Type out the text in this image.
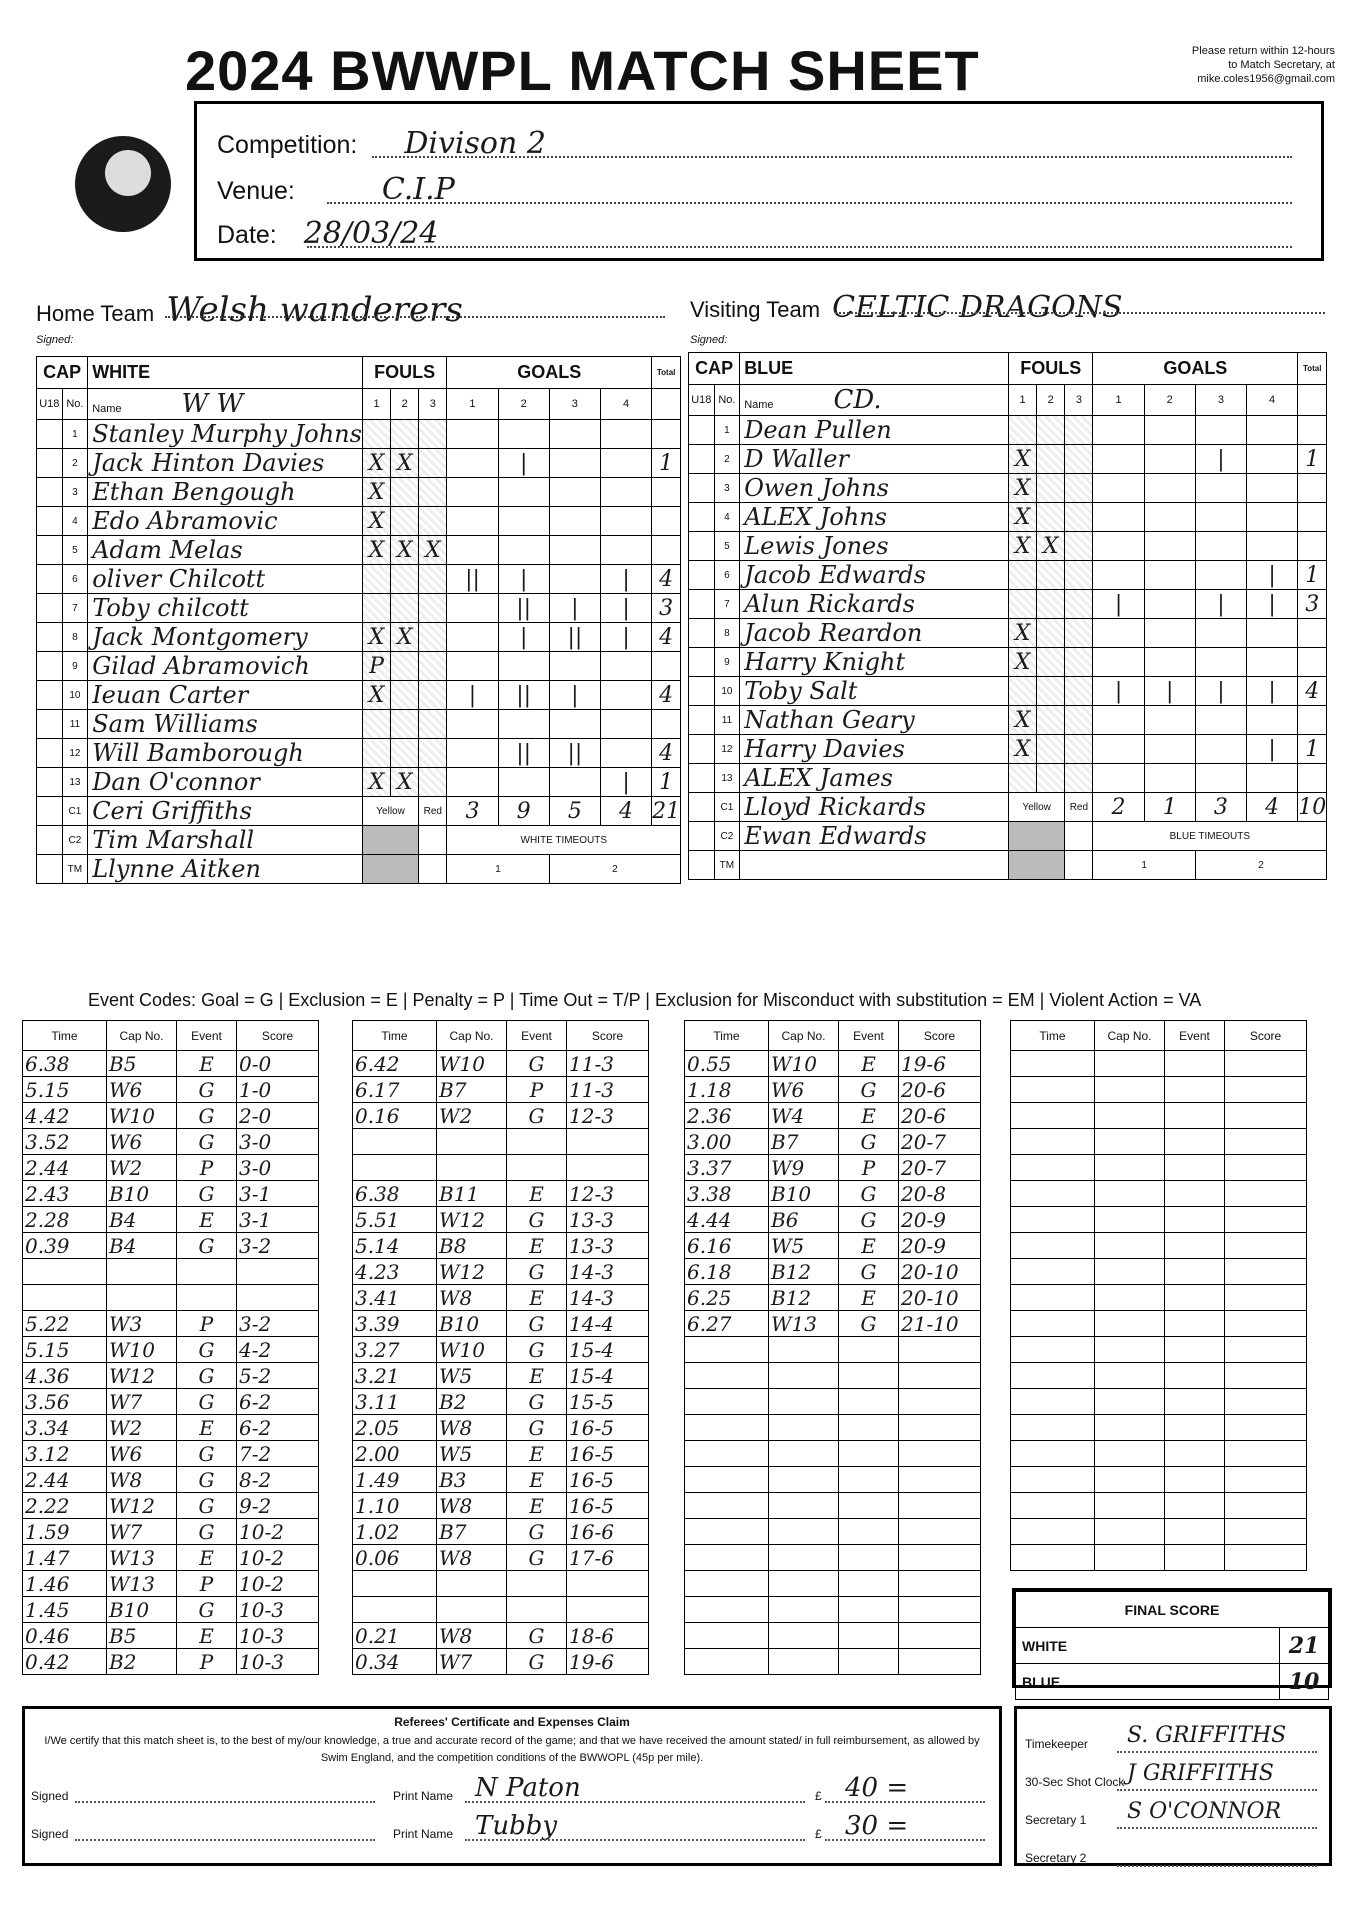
2024 BWWPL MATCH SHEET	Please return within 12-hours
to Match Secretary, at
mike.coles1956@gmail.com
Competition: Divison 2
Venue:	C.I.P
Date: 28/03/24
Home Team Welsh wanderers
Signed:
Visiting Team CELTIC DRAGONS
Signed:
CAP		WHITE	FOULS			GOALS				Total
U18	No.	Name W W	1	2	3	1	2	3	4	
	1	Stanley Murphy Johns								
	2	Jack Hinton Davies	X	X			|			1
	3	Ethan Bengough	X							
	4	Edo Abramovic	X							
	5	Adam Melas	X	X	X					
	6	oliver Chilcott				||	|		|	4
	7	Toby chilcott					||	|	|	3
	8	Jack Montgomery	X	X			|	||	|	4
	9	Gilad Abramovich	P							
	10	Ieuan Carter	X			|	||	|		4
	11	Sam Williams								
	12	Will Bamborough					||	||		4
	13	Dan O'connor	X	X					|	1
	C1	Ceri Griffiths	Yellow		Red	3	9	5	4	21
	C2	Tim Marshall				WHITE TIMEOUTS				
	TM	Llynne Aitken				1		2		
CAP		BLUE	FOULS			GOALS				Total
U18	No.	Name CD.	1	2	3	1	2	3	4	
	1	Dean Pullen								
	2	D Waller	X					|		1
	3	Owen Johns	X							
	4	ALEX Johns	X							
	5	Lewis Jones	X	X						
	6	Jacob Edwards							|	1
	7	Alun Rickards				|		|	|	3
	8	Jacob Reardon	X							
	9	Harry Knight	X							
	10	Toby Salt				|	|	|	|	4
	11	Nathan Geary	X							
	12	Harry Davies	X						|	1
	13	ALEX James								
	C1	Lloyd Rickards	Yellow		Red	2	1	3	4	10
	C2	Ewan Edwards				BLUE TIMEOUTS				
	TM					1		2		
Event Codes: Goal = G | Exclusion = E | Penalty = P | Time Out = T/P | Exclusion for Misconduct with substitution = EM | Violent Action = VA
Time	Cap No.	Event	Score
6.38	B5	E	0-0
5.15	W6	G	1-0
4.42	W10	G	2-0
3.52	W6	G	3-0
2.44	W2	P	3-0
2.43	B10	G	3-1
2.28	B4	E	3-1
0.39	B4	G	3-2

5.22	W3	P	3-2
5.15	W10	G	4-2
4.36	W12	G	5-2
3.56	W7	G	6-2
3.34	W2	E	6-2
3.12	W6	G	7-2
2.44	W8	G	8-2
2.22	W12	G	9-2
1.59	W7	G	10-2
1.47	W13	E	10-2
1.46	W13	P	10-2
1.45	B10	G	10-3
0.46	B5	E	10-3
0.42	B2	P	10-3
Time	Cap No.	Event	Score
6.42	W10	G	11-3
6.17	B7	P	11-3
0.16	W2	G	12-3

6.38	B11	E	12-3
5.51	W12	G	13-3
5.14	B8	E	13-3
4.23	W12	G	14-3
3.41	W8	E	14-3
3.39	B10	G	14-4
3.27	W10	G	15-4
3.21	W5	E	15-4
3.11	B2	G	15-5
2.05	W8	G	16-5
2.00	W5	E	16-5
1.49	B3	E	16-5
1.10	W8	E	16-5
1.02	B7	G	16-6
0.06	W8	G	17-6

0.21	W8	G	18-6
0.34	W7	G	19-6
Time	Cap No.	Event	Score
0.55	W10	E	19-6
1.18	W6	G	20-6
2.36	W4	E	20-6
3.00	B7	G	20-7
3.37	W9	P	20-7
3.38	B10	G	20-8
4.44	B6	G	20-9
6.16	W5	E	20-9
6.18	B12	G	20-10
6.25	B12	E	20-10
6.27	W13	G	21-10

Time	Cap No.	Event	Score

FINAL SCORE	
WHITE	21
BLUE	10
Referees' Certificate and Expenses Claim
I/We certify that this match sheet is, to the best of my/our knowledge, a true and accurate record of the game; and that we have received the amount stated/ in full reimbursement, as allowed by Swim England, and the competition conditions of the BWWOPL (45p per mile).
Signed	Print Name N Paton	£ 40 =
Signed	Print Name Tubby	£ 30 =
Timekeeper S. GRIFFITHS
30-Sec Shot Clock J GRIFFITHS
Secretary 1 S O'CONNOR
Secretary 2
